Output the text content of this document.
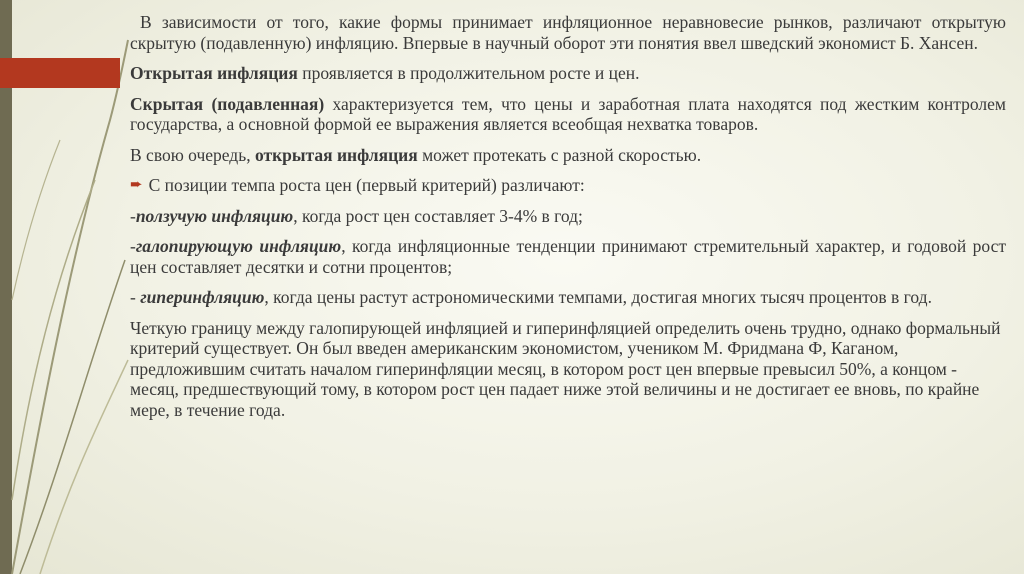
В зависимости от того, какие формы принимает инфляционное неравновесие рынков, различают открытую скрытую (подавленную) инфляцию. Впервые в научный оборот эти понятия ввел шведский экономист Б. Хансен.

Открытая инфляция проявляется в продолжительном росте и цен.

Скрытая (подавленная) характеризуется тем, что цены и заработная плата находятся под жестким контролем государства, а основной формой ее выражения является всеобщая нехватка товаров.

В свою очередь, открытая инфляция может протекать с разной скоростью.

➨ С позиции темпа роста цен (первый критерий) различают:

-ползучую инфляцию, когда рост цен составляет 3-4% в год;

-галопирующую инфляцию, когда инфляционные тенденции принимают стремительный характер, и годовой рост цен составляет десятки и сотни процентов;

- гиперинфляцию, когда цены растут астрономическими темпами, достигая многих тысяч процентов в год.

Четкую границу между галопирующей инфляцией и гиперинфляцией определить очень трудно, однако формальный критерий существует. Он был введен американским экономистом, учеником М. Фридмана Ф, Каганом, предложившим считать началом гиперинфляции месяц, в котором рост цен впервые превысил 50%, а концом - месяц, предшествующий тому, в котором рост цен падает ниже этой величины и не достигает ее вновь, по крайне мере, в течение года.
